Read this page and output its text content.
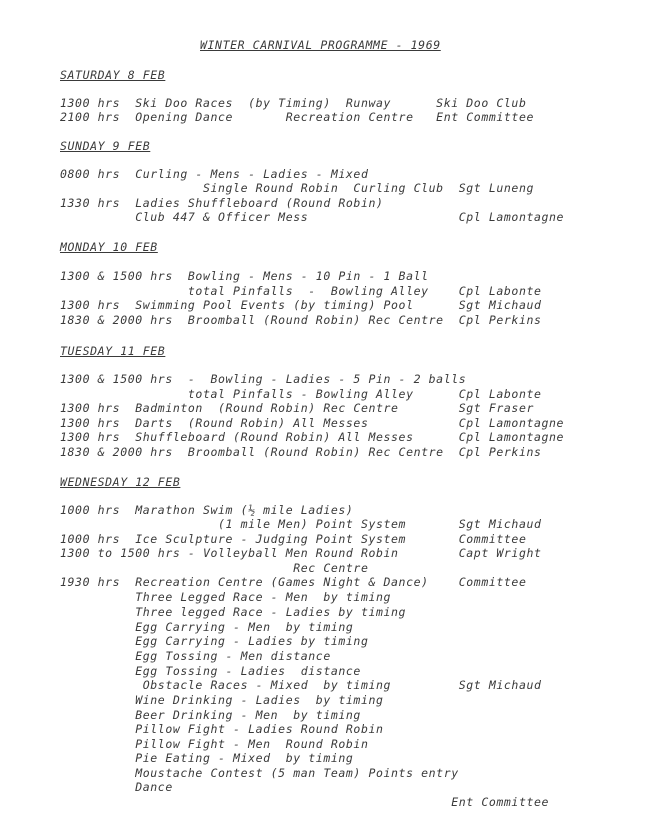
WINTER CARNIVAL PROGRAMME - 1969
SATURDAY 8 FEB
1300 hrs  Ski Doo Races  (by Timing)  Runway      Ski Doo Club
2100 hrs  Opening Dance       Recreation Centre   Ent Committee
SUNDAY 9 FEB
0800 hrs  Curling - Mens - Ladies - Mixed
Single Round Robin  Curling Club  Sgt Luneng
1330 hrs  Ladies Shuffleboard (Round Robin)
Club 447 & Officer Mess                    Cpl Lamontagne
MONDAY 10 FEB
1300 & 1500 hrs  Bowling - Mens - 10 Pin - 1 Ball
total Pinfalls  -  Bowling Alley    Cpl Labonte
1300 hrs  Swimming Pool Events (by timing) Pool      Sgt Michaud
1830 & 2000 hrs  Broomball (Round Robin) Rec Centre  Cpl Perkins
TUESDAY 11 FEB
1300 & 1500 hrs  -  Bowling - Ladies - 5 Pin - 2 balls
total Pinfalls - Bowling Alley      Cpl Labonte
1300 hrs  Badminton  (Round Robin) Rec Centre        Sgt Fraser
1300 hrs  Darts  (Round Robin) All Messes            Cpl Lamontagne
1300 hrs  Shuffleboard (Round Robin) All Messes      Cpl Lamontagne
1830 & 2000 hrs  Broomball (Round Robin) Rec Centre  Cpl Perkins
WEDNESDAY 12 FEB
1000 hrs  Marathon Swim (½ mile Ladies)
(1 mile Men) Point System       Sgt Michaud
1000 hrs  Ice Sculpture - Judging Point System       Committee
1300 to 1500 hrs - Volleyball Men Round Robin        Capt Wright
Rec Centre
1930 hrs  Recreation Centre (Games Night & Dance)    Committee
Three Legged Race - Men  by timing
Three legged Race - Ladies by timing
Egg Carrying - Men  by timing
Egg Carrying - Ladies by timing
Egg Tossing - Men distance
Egg Tossing - Ladies  distance
Obstacle Races - Mixed  by timing         Sgt Michaud
Wine Drinking - Ladies  by timing
Beer Drinking - Men  by timing
Pillow Fight - Ladies Round Robin
Pillow Fight - Men  Round Robin
Pie Eating - Mixed  by timing
Moustache Contest (5 man Team) Points entry
Dance
Ent Committee
